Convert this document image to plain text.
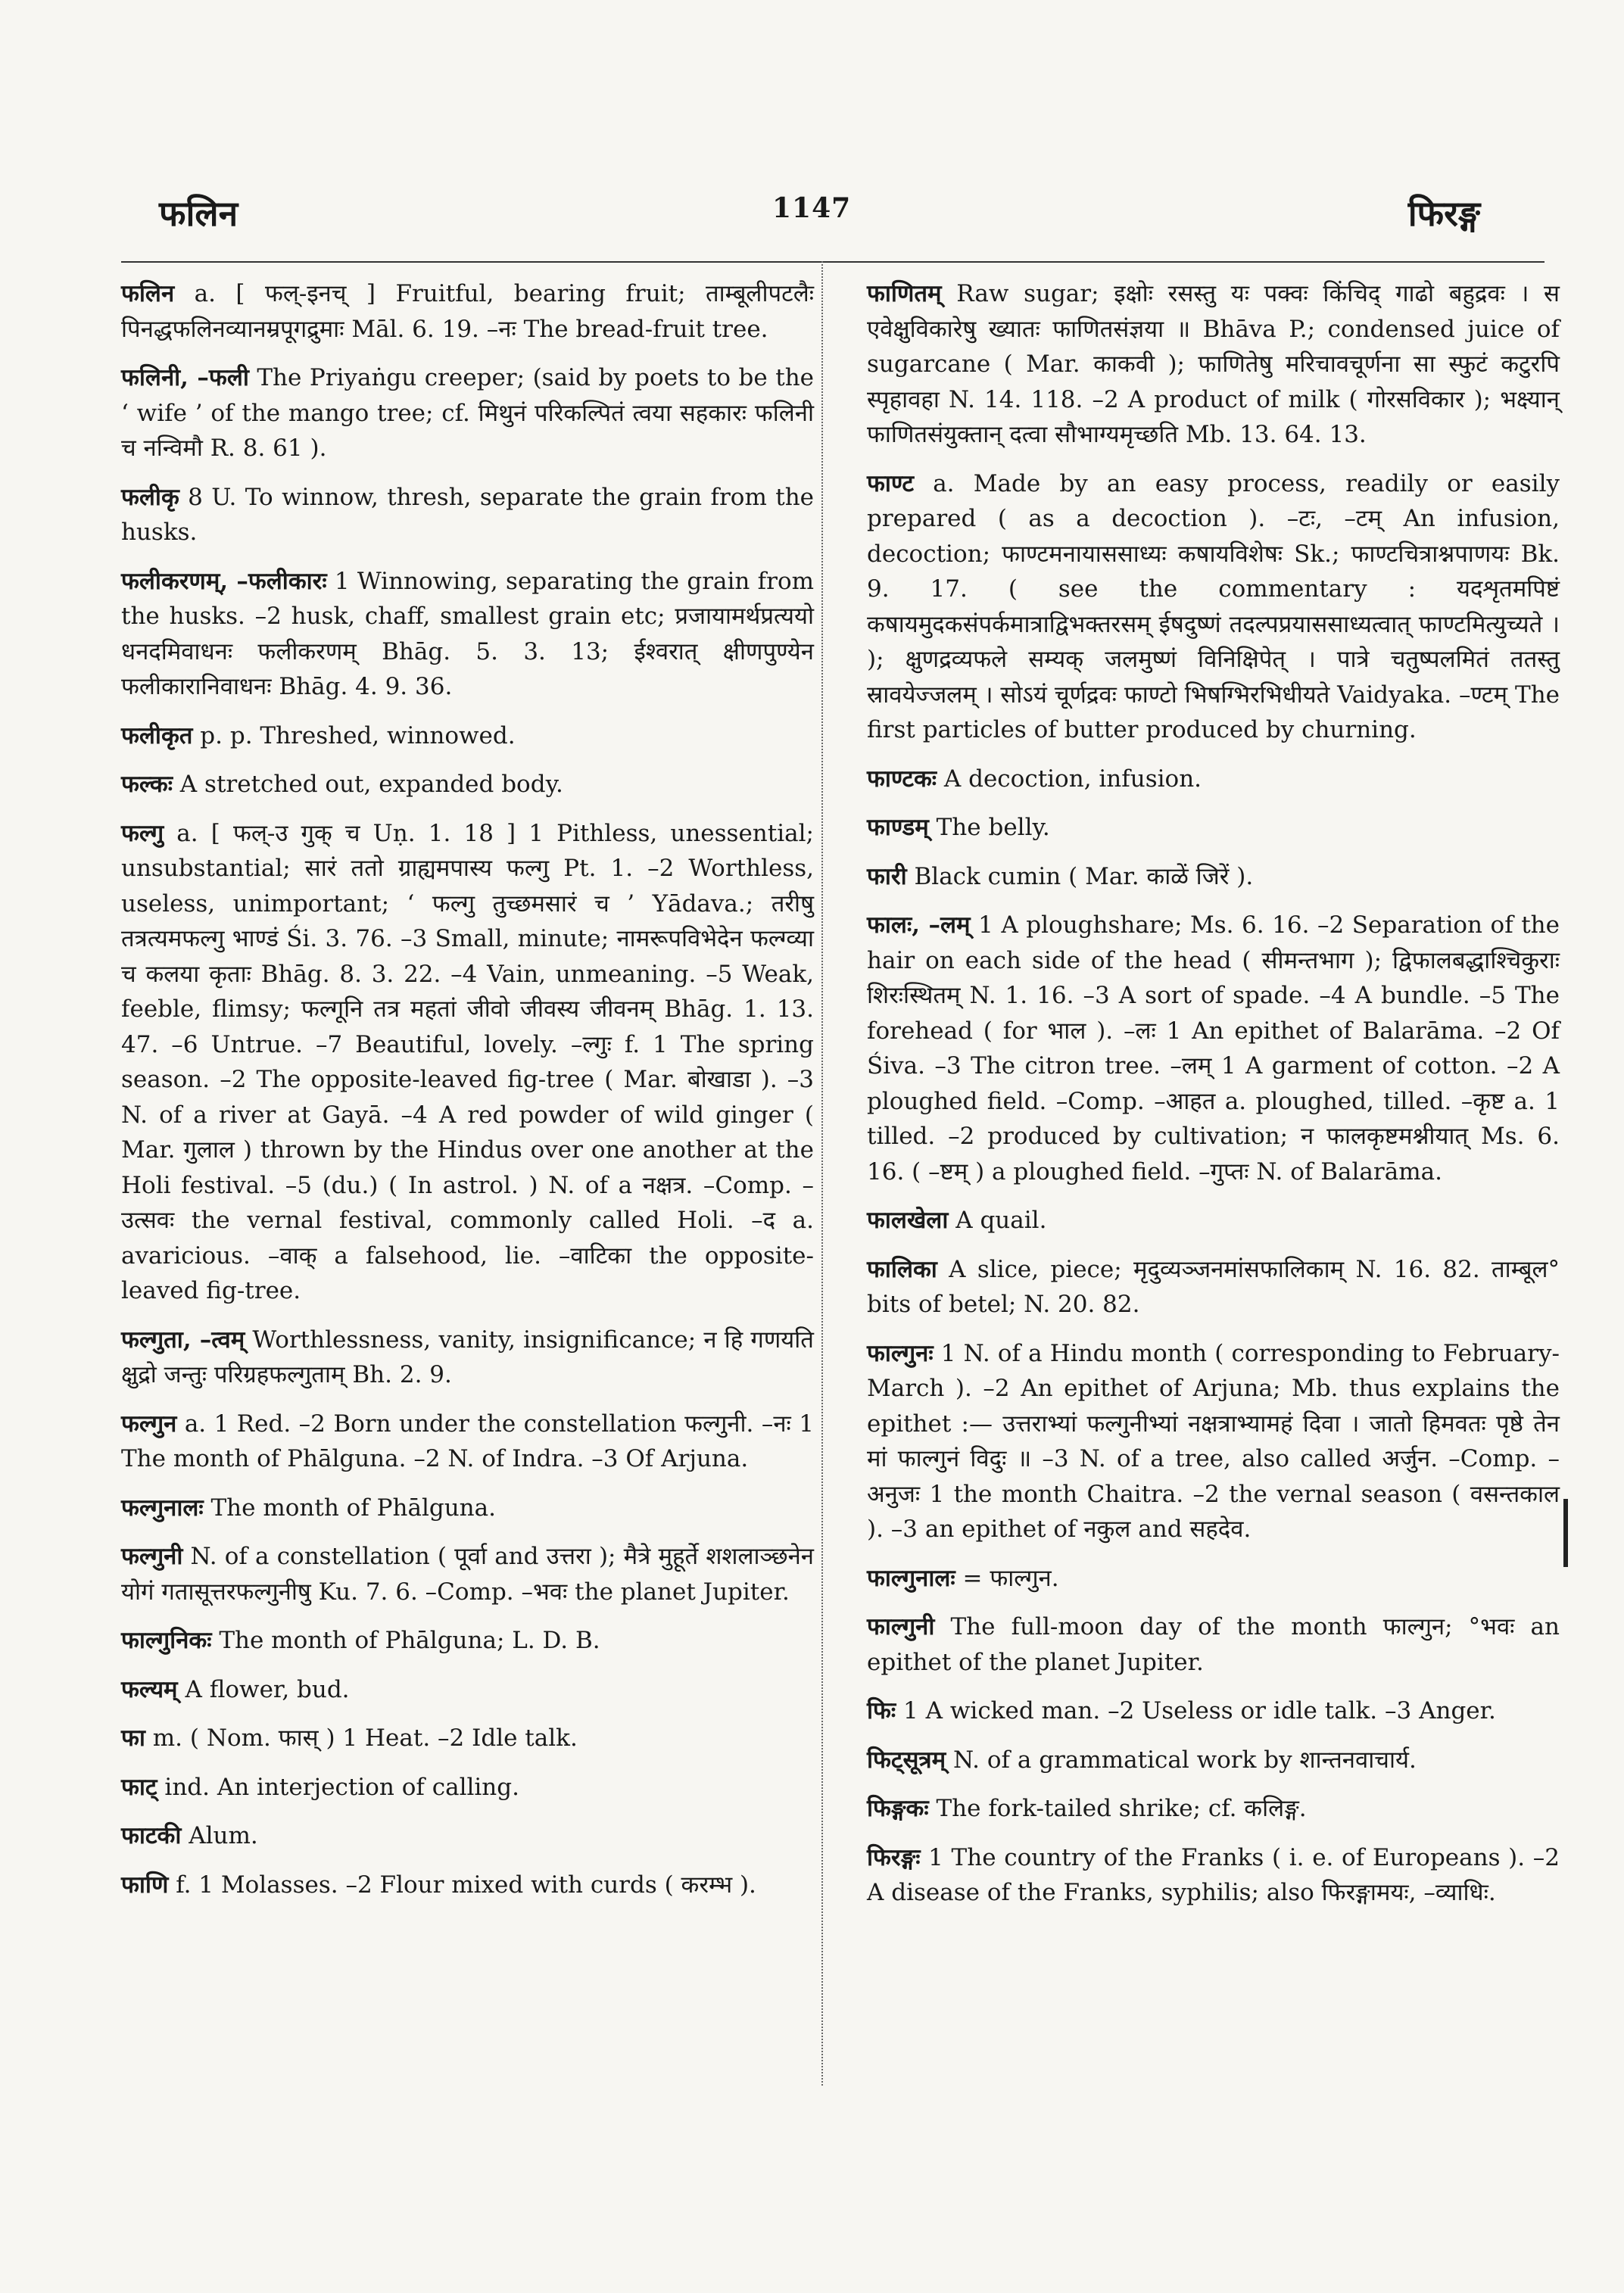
फलिन	1147	फिरङ्ग

फलिन a. [ फल्-इनच् ] Fruitful, bearing fruit; ताम्बूलीपटलैः पिनद्धफलिनव्यानम्रपूगद्रुमाः Māl. 6. 19. –नः The bread-fruit tree.

फलिनी, –फली The Priyaṅgu creeper; (said by poets to be the ‘ wife ’ of the mango tree; cf. मिथुनं परिकल्पितं त्वया सहकारः फलिनी च नन्विमौ R. 8. 61 ).

फलीकृ 8 U. To winnow, thresh, separate the grain from the husks.

फलीकरणम्, –फलीकारः 1 Winnowing, separating the grain from the husks. –2 husk, chaff, smallest grain etc; प्रजायामर्थप्रत्ययो धनदमिवाधनः फलीकरणम् Bhāg. 5. 3. 13; ईश्वरात् क्षीणपुण्येन फलीकारानिवाधनः Bhāg. 4. 9. 36.

फलीकृत p. p. Threshed, winnowed.

फल्कः A stretched out, expanded body.

फल्गु a. [ फल्-उ गुक् च Uṇ. 1. 18 ] 1 Pithless, unessential; unsubstantial; सारं ततो ग्राह्यमपास्य फल्गु Pt. 1. –2 Worthless, useless, unimportant; ‘ फल्गु तुच्छमसारं च ’ Yādava.; तरीषु तत्रत्यमफल्गु भाण्डं Śi. 3. 76. –3 Small, minute; नामरूपविभेदेन फल्ग्व्या च कलया कृताः Bhāg. 8. 3. 22. –4 Vain, unmeaning. –5 Weak, feeble, flimsy; फल्गूनि तत्र महतां जीवो जीवस्य जीवनम् Bhāg. 1. 13. 47. –6 Untrue. –7 Beautiful, lovely. –ल्गुः f. 1 The spring season. –2 The opposite-leaved fig-tree ( Mar. बोखाडा ). –3 N. of a river at Gayā. –4 A red powder of wild ginger ( Mar. गुलाल ) thrown by the Hindus over one another at the Holi festival. –5 (du.) ( In astrol. ) N. of a नक्षत्र. –Comp. –उत्सवः the vernal festival, commonly called Holi. –द a. avaricious. –वाक् a falsehood, lie. –वाटिका the opposite-leaved fig-tree.

फल्गुता, –त्वम् Worthlessness, vanity, insignificance; न हि गणयति क्षुद्रो जन्तुः परिग्रहफल्गुताम् Bh. 2. 9.

फल्गुन a. 1 Red. –2 Born under the constellation फल्गुनी. –नः 1 The month of Phālguna. –2 N. of Indra. –3 Of Arjuna.

फल्गुनालः The month of Phālguna.

फल्गुनी N. of a constellation ( पूर्वा and उत्तरा ); मैत्रे मुहूर्ते शशलाञ्छनेन योगं गतासूत्तरफल्गुनीषु Ku. 7. 6. –Comp. –भवः the planet Jupiter.

फाल्गुनिकः The month of Phālguna; L. D. B.

फल्यम् A flower, bud.

फा m. ( Nom. फास् ) 1 Heat. –2 Idle talk.

फाट् ind. An interjection of calling.

फाटकी Alum.

फाणि f. 1 Molasses. –2 Flour mixed with curds ( करम्भ ).

फाणितम् Raw sugar; इक्षोः रसस्तु यः पक्वः किंचिद् गाढो बहुद्रवः । स एवेक्षुविकारेषु ख्यातः फाणितसंज्ञया ॥ Bhāva P.; condensed juice of sugarcane ( Mar. काकवी ); फाणितेषु मरिचावचूर्णना सा स्फुटं कटुरपि स्पृहावहा N. 14. 118. –2 A product of milk ( गोरसविकार ); भक्ष्यान् फाणितसंयुक्तान् दत्वा सौभाग्यमृच्छति Mb. 13. 64. 13.

फाण्ट a. Made by an easy process, readily or easily prepared ( as a decoction ). –टः, –टम् An infusion, decoction; फाण्टमनायाससाध्यः कषायविशेषः Sk.; फाण्टचित्राश्नपाणयः Bk. 9. 17. ( see the commentary : यदशृतमपिष्टं कषायमुदकसंपर्कमात्राद्विभक्तरसम् ईषदुष्णं तदल्पप्रयाससाध्यत्वात् फाण्टमित्युच्यते । ); क्षुणद्रव्यफले सम्यक् जलमुष्णं विनिक्षिपेत् । पात्रे चतुष्पलमितं ततस्तु स्रावयेज्जलम् । सोऽयं चूर्णद्रवः फाण्टो भिषग्भिरभिधीयते Vaidyaka. –ण्टम् The first particles of butter produced by churning.

फाण्टकः A decoction, infusion.

फाण्डम् The belly.

फारी Black cumin ( Mar. काळें जिरें ).

फालः, –लम् 1 A ploughshare; Ms. 6. 16. –2 Separation of the hair on each side of the head ( सीमन्तभाग ); द्विफालबद्धाश्चिकुराः शिरःस्थितम् N. 1. 16. –3 A sort of spade. –4 A bundle. –5 The forehead ( for भाल ). –लः 1 An epithet of Balarāma. –2 Of Śiva. –3 The citron tree. –लम् 1 A garment of cotton. –2 A ploughed field. –Comp. –आहत a. ploughed, tilled. –कृष्ट a. 1 tilled. –2 produced by cultivation; न फालकृष्टमश्नीयात् Ms. 6. 16. ( –ष्टम् ) a ploughed field. –गुप्तः N. of Balarāma.

फालखेला A quail.

फालिका A slice, piece; मृदुव्यञ्जनमांसफालिकाम् N. 16. 82. ताम्बूल° bits of betel; N. 20. 82.

फाल्गुनः 1 N. of a Hindu month ( corresponding to February-March ). –2 An epithet of Arjuna; Mb. thus explains the epithet :— उत्तराभ्यां फल्गुनीभ्यां नक्षत्राभ्यामहं दिवा । जातो हिमवतः पृष्ठे तेन मां फाल्गुनं विदुः ॥ –3 N. of a tree, also called अर्जुन. –Comp. –अनुजः 1 the month Chaitra. –2 the vernal season ( वसन्तकाल ). –3 an epithet of नकुल and सहदेव.

फाल्गुनालः = फाल्गुन.

फाल्गुनी The full-moon day of the month फाल्गुन; °भवः an epithet of the planet Jupiter.

फिः 1 A wicked man. –2 Useless or idle talk. –3 Anger.

फिट्सूत्रम् N. of a grammatical work by शान्तनवाचार्य.

फिङ्गकः The fork-tailed shrike; cf. कलिङ्ग.

फिरङ्गः 1 The country of the Franks ( i. e. of Europeans ). –2 A disease of the Franks, syphilis; also फिरङ्गामयः, –व्याधिः.
